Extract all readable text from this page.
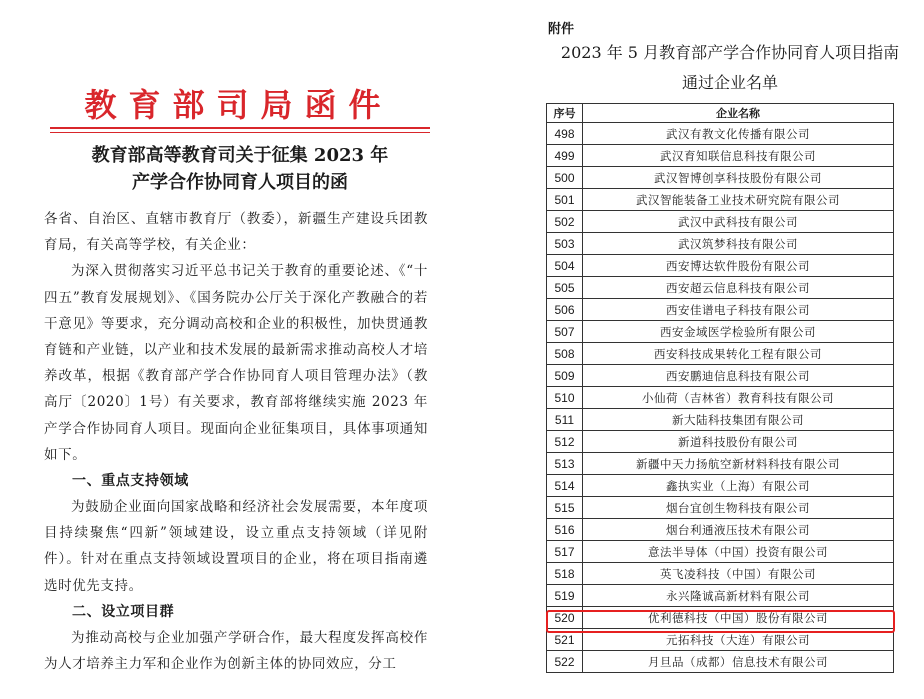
教育部司局函件
教育部高等教育司关于征集 2023 年
产学合作协同育人项目的函

各省、自治区、直辖市教育厅（教委），新疆生产建设兵团教育局，有关高等学校，有关企业：

为深入贯彻落实习近平总书记关于教育的重要论述、《“十四五”教育发展规划》、《国务院办公厅关于深化产教融合的若干意见》等要求，充分调动高校和企业的积极性，加快贯通教育链和产业链，以产业和技术发展的最新需求推动高校人才培养改革，根据《教育部产学合作协同育人项目管理办法》（教高厅〔2020〕1号）有关要求，教育部将继续实施 2023 年产学合作协同育人项目。现面向企业征集项目，具体事项通知如下。

一、重点支持领域

为鼓励企业面向国家战略和经济社会发展需要，本年度项目持续聚焦“四新”领域建设，设立重点支持领域（详见附件）。针对在重点支持领域设置项目的企业，将在项目指南遴选时优先支持。

二、设立项目群

为推动高校与企业加强产学研合作，最大程度发挥高校作为人才培养主力军和企业作为创新主体的协同效应，分工

附件
2023 年 5 月教育部产学合作协同育人项目指南
通过企业名单
序号	企业名称
498	武汉有教文化传播有限公司
499	武汉育知联信息科技有限公司
500	武汉智博创享科技股份有限公司
501	武汉智能装备工业技术研究院有限公司
502	武汉中武科技有限公司
503	武汉筑梦科技有限公司
504	西安博达软件股份有限公司
505	西安超云信息科技有限公司
506	西安佳谱电子科技有限公司
507	西安金域医学检验所有限公司
508	西安科技成果转化工程有限公司
509	西安鹏迪信息科技有限公司
510	小仙荷（吉林省）教育科技有限公司
511	新大陆科技集团有限公司
512	新道科技股份有限公司
513	新疆中天力扬航空新材料科技有限公司
514	鑫执实业（上海）有限公司
515	烟台宜创生物科技有限公司
516	烟台利通液压技术有限公司
517	意法半导体（中国）投资有限公司
518	英飞凌科技（中国）有限公司
519	永兴隆诚高新材料有限公司
520	优利德科技（中国）股份有限公司
521	元拓科技（大连）有限公司
522	月旦品（成都）信息技术有限公司
